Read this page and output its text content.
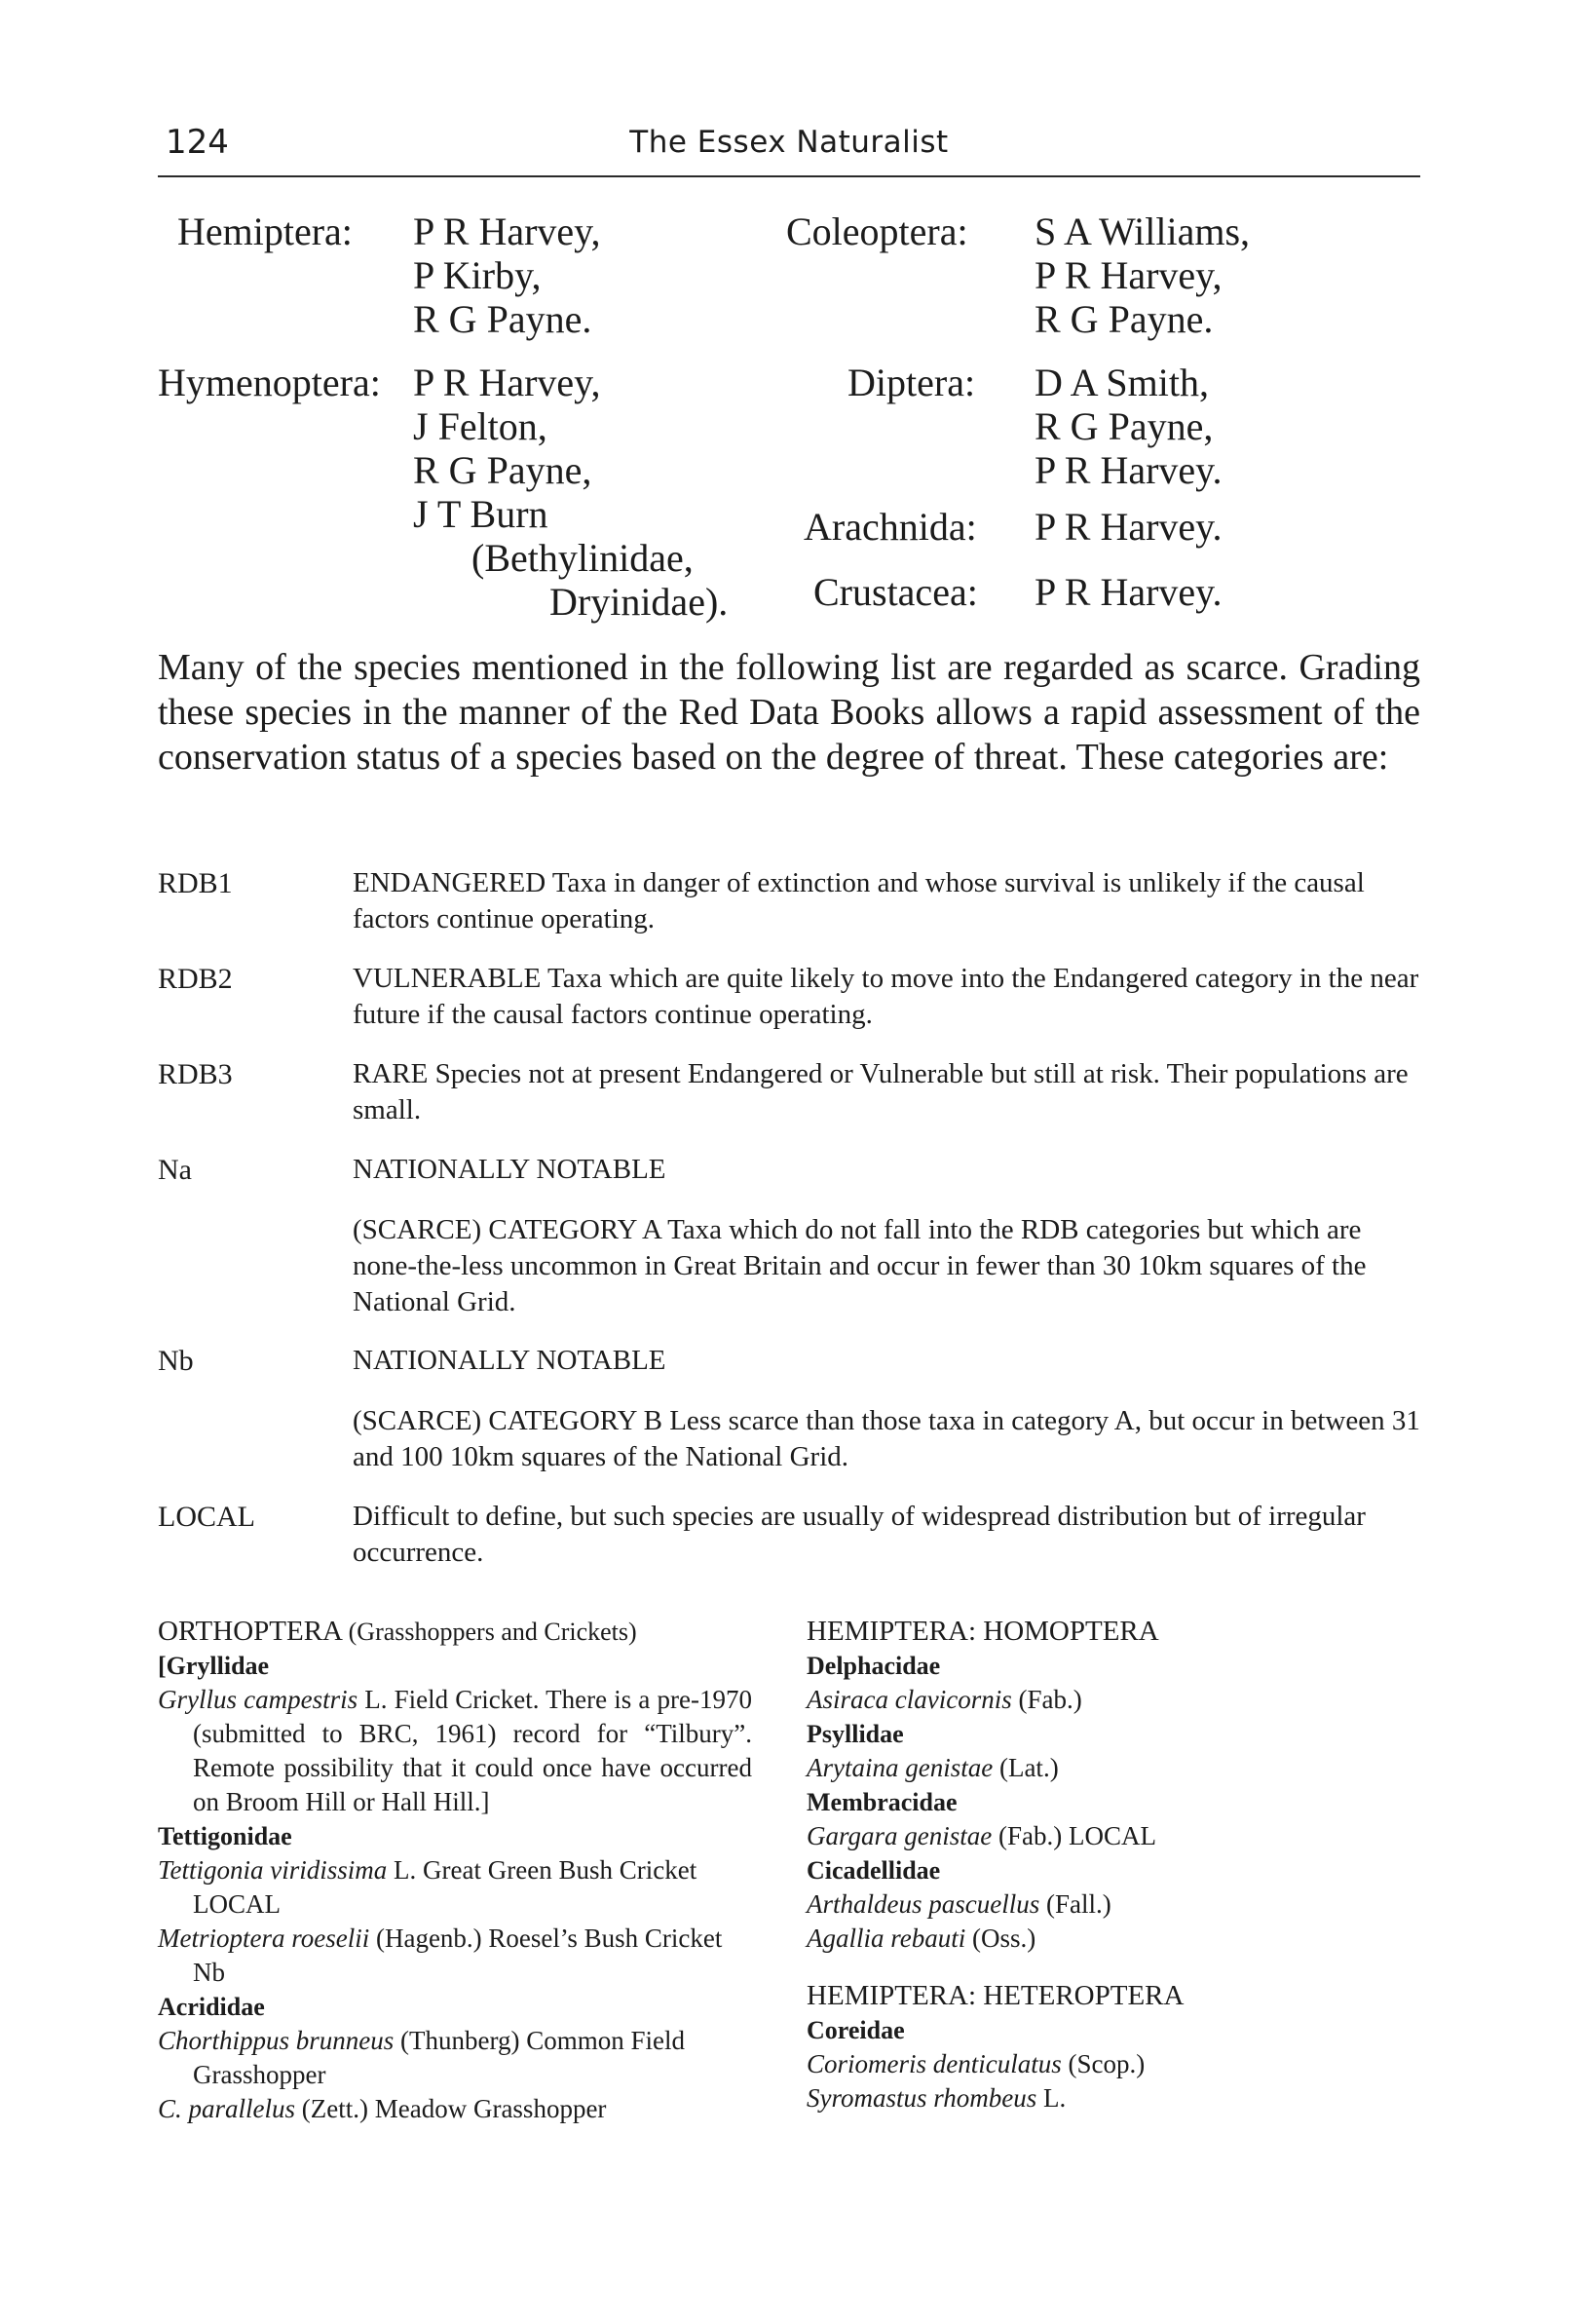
124	The Essex Naturalist
Hemiptera: P R Harvey,
P Kirby,
R G Payne.
Hymenoptera: P R Harvey,
J Felton,
R G Payne,
J T Burn
(Bethylinidae,
Dryinidae).
Coleoptera: S A Williams,
P R Harvey,
R G Payne.
Diptera: D A Smith,
R G Payne,
P R Harvey.
Arachnida: P R Harvey.
Crustacea: P R Harvey.

Many of the species mentioned in the following list are regarded as scarce. Grading these species in the manner of the Red Data Books allows a rapid assessment of the conservation status of a species based on the degree of threat. These categories are:

RDB1	ENDANGERED Taxa in danger of extinction and whose survival is unlikely if the causal factors continue operating.
RDB2	VULNERABLE Taxa which are quite likely to move into the Endangered category in the near future if the causal factors continue operating.
RDB3	RARE Species not at present Endangered or Vulnerable but still at risk. Their populations are small.
Na	NATIONALLY NOTABLE
(SCARCE) CATEGORY A Taxa which do not fall into the RDB categories but which are none-the-less uncommon in Great Britain and occur in fewer than 30 10km squares of the National Grid.
Nb	NATIONALLY NOTABLE
(SCARCE) CATEGORY B Less scarce than those taxa in category A, but occur in between 31 and 100 10km squares of the National Grid.
LOCAL	Difficult to define, but such species are usually of widespread distribution but of irregular occurrence.
ORTHOPTERA (Grasshoppers and Crickets)
[Gryllidae
Gryllus campestris L. Field Cricket. There is a pre-1970 (submitted to BRC, 1961) record for “Tilbury”. Remote possibility that it could once have occurred on Broom Hill or Hall Hill.]
Tettigonidae
Tettigonia viridissima L. Great Green Bush Cricket
LOCAL
Metrioptera roeselii (Hagenb.) Roesel’s Bush Cricket
Nb
Acrididae
Chorthippus brunneus (Thunberg) Common Field Grasshopper
C. parallelus (Zett.) Meadow Grasshopper
HEMIPTERA: HOMOPTERA
Delphacidae
Asiraca clavicornis (Fab.)
Psyllidae
Arytaina genistae (Lat.)
Membracidae
Gargara genistae (Fab.) LOCAL
Cicadellidae
Arthaldeus pascuellus (Fall.)
Agallia rebauti (Oss.)
HEMIPTERA: HETEROPTERA
Coreidae
Coriomeris denticulatus (Scop.)
Syromastus rhombeus L.
